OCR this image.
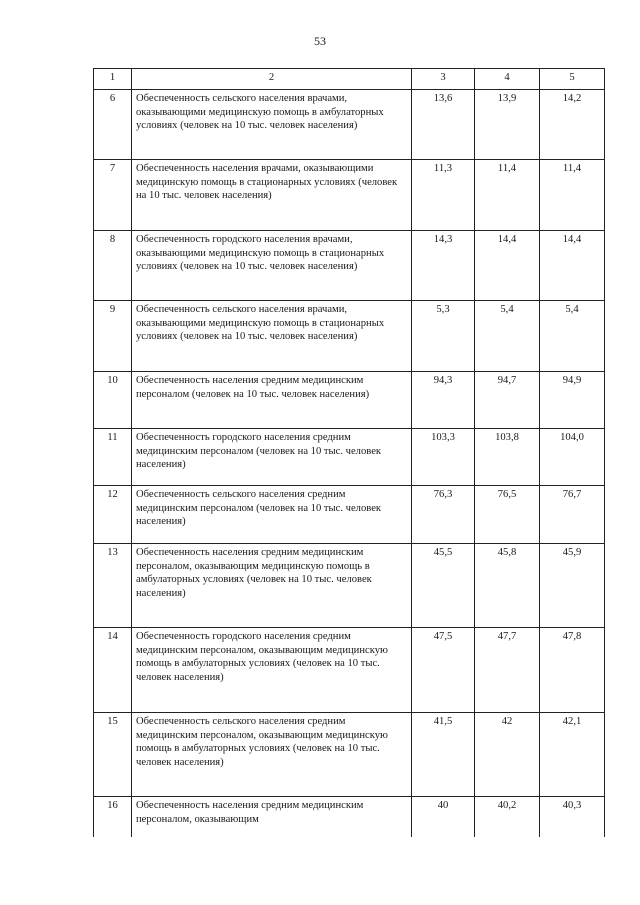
53
1	2	3	4	5
6	Обеспеченность сельского населения врачами, оказывающими медицинскую помощь в амбулаторных условиях (человек на 10 тыс. человек населения)	13,6	13,9	14,2
7	Обеспеченность населения врачами, оказывающими медицинскую помощь в стационарных условиях (человек на 10 тыс. человек населения)	11,3	11,4	11,4
8	Обеспеченность городского населения врачами, оказывающими медицинскую помощь в стационарных условиях (человек на 10 тыс. человек населения)	14,3	14,4	14,4
9	Обеспеченность сельского населения врачами, оказывающими медицинскую помощь в стационарных условиях (человек на 10 тыс. человек населения)	5,3	5,4	5,4
10	Обеспеченность населения средним медицинским персоналом (человек на 10 тыс. человек населения)	94,3	94,7	94,9
11	Обеспеченность городского населения средним медицинским персоналом (человек на 10 тыс. человек населения)	103,3	103,8	104,0
12	Обеспеченность сельского населения средним медицинским персоналом (человек на 10 тыс. человек населения)	76,3	76,5	76,7
13	Обеспеченность населения средним медицинским персоналом, оказывающим медицинскую помощь в амбулаторных условиях (человек на 10 тыс. человек населения)	45,5	45,8	45,9
14	Обеспеченность городского населения средним медицинским персоналом, оказывающим медицинскую помощь в амбулаторных условиях (человек на 10 тыс. человек населения)	47,5	47,7	47,8
15	Обеспеченность сельского населения средним медицинским персоналом, оказывающим медицинскую помощь в амбулаторных условиях (человек на 10 тыс. человек населения)	41,5	42	42,1
16	Обеспеченность населения средним медицинским персоналом, оказывающим	40	40,2	40,3
